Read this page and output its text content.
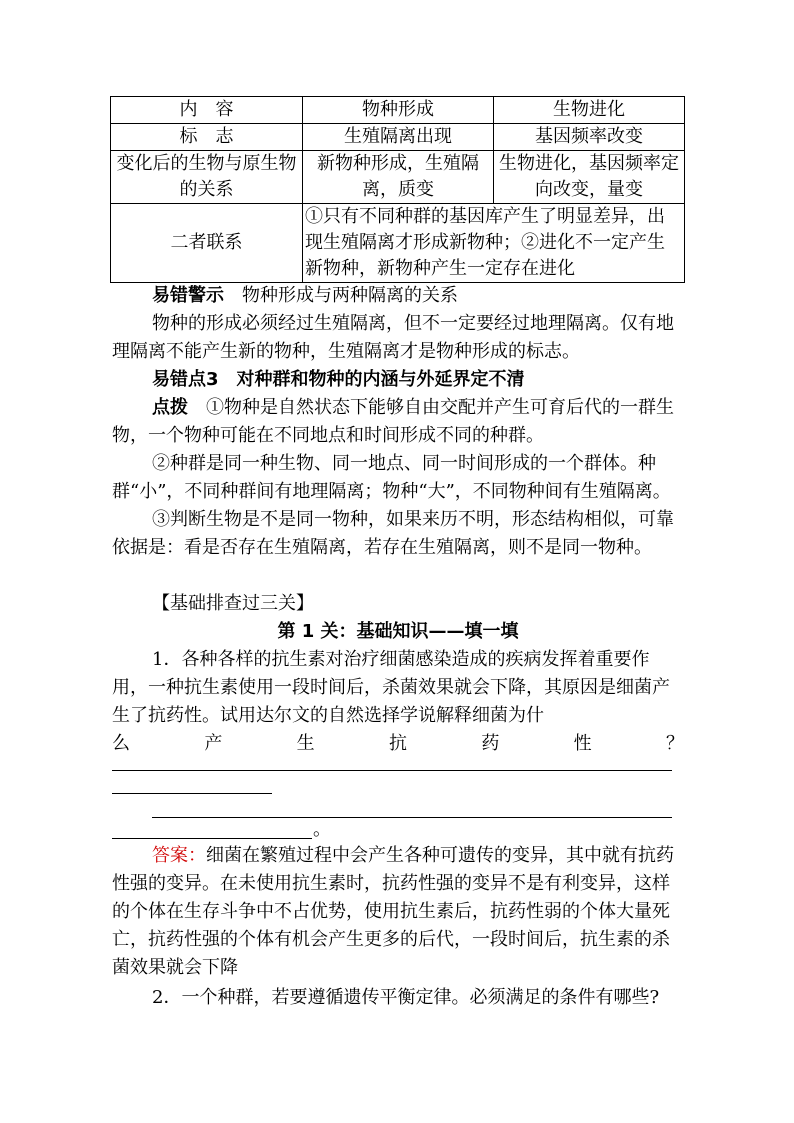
内　容	物种形成	生物进化
标　志	生殖隔离出现	基因频率改变
变化后的生物与原生物的关系	新物种形成，生殖隔离，质变	生物进化，基因频率定向改变，量变
二者联系	①只有不同种群的基因库产生了明显差异，出现生殖隔离才形成新物种；②进化不一定产生新物种，新物种产生一定存在进化	
易错警示　 物种形成与两种隔离的关系
物种的形成必须经过生殖隔离，但不一定要经过地理隔离。仅有地理隔离不能产生新的物种，生殖隔离才是物种形成的标志。
易错点3　对种群和物种的内涵与外延界定不清
点拨　 ①物种是自然状态下能够自由交配并产生可育后代的一群生物，一个物种可能在不同地点和时间形成不同的种群。
②种群是同一种生物、同一地点、同一时间形成的一个群体。种群“小”，不同种群间有地理隔离；物种“大”，不同物种间有生殖隔离。
③判断生物是不是同一物种，如果来历不明，形态结构相似，可靠依据是：看是否存在生殖隔离，若存在生殖隔离，则不是同一物种。
【基础排查过三关】
第 1 关：基础知识——填一填
1．各种各样的抗生素对治疗细菌感染造成的疾病发挥着重要作用，一种抗生素使用一段时间后，杀菌效果就会下降，其原因是细菌产生了抗药性。试用达尔文的自然选择学说解释细菌为什
么	产	生	抗	药	性	？
。
答案：细菌在繁殖过程中会产生各种可遗传的变异，其中就有抗药性强的变异。在未使用抗生素时，抗药性强的变异不是有利变异，这样的个体在生存斗争中不占优势，使用抗生素后，抗药性弱的个体大量死亡，抗药性强的个体有机会产生更多的后代，一段时间后，抗生素的杀菌效果就会下降
2．一个种群，若要遵循遗传平衡定律。必须满足的条件有哪些?
